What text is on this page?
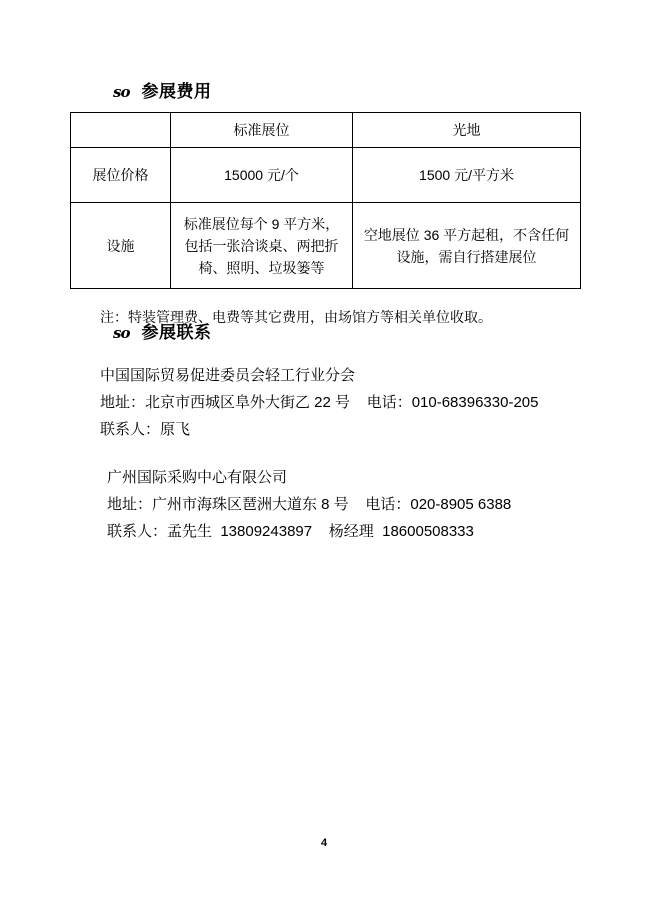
so 参展费用
	标准展位	光地
展位价格	15000 元/个	1500 元/平方米
设施	标准展位每个 9 平方米，包括一张洽谈桌、两把折椅、照明、垃圾篓等	空地展位 36 平方起租，不含任何设施，需自行搭建展位

注：特装管理费、电费等其它费用，由场馆方等相关单位收取。

so 参展联系

中国国际贸易促进委员会轻工行业分会

地址：北京市西城区阜外大街乙 22 号    电话：010-68396330-205

联系人：原飞

广州国际采购中心有限公司

地址：广州市海珠区琶洲大道东 8 号    电话：020-8905 6388

联系人：孟先生  13809243897    杨经理  18600508333

4
